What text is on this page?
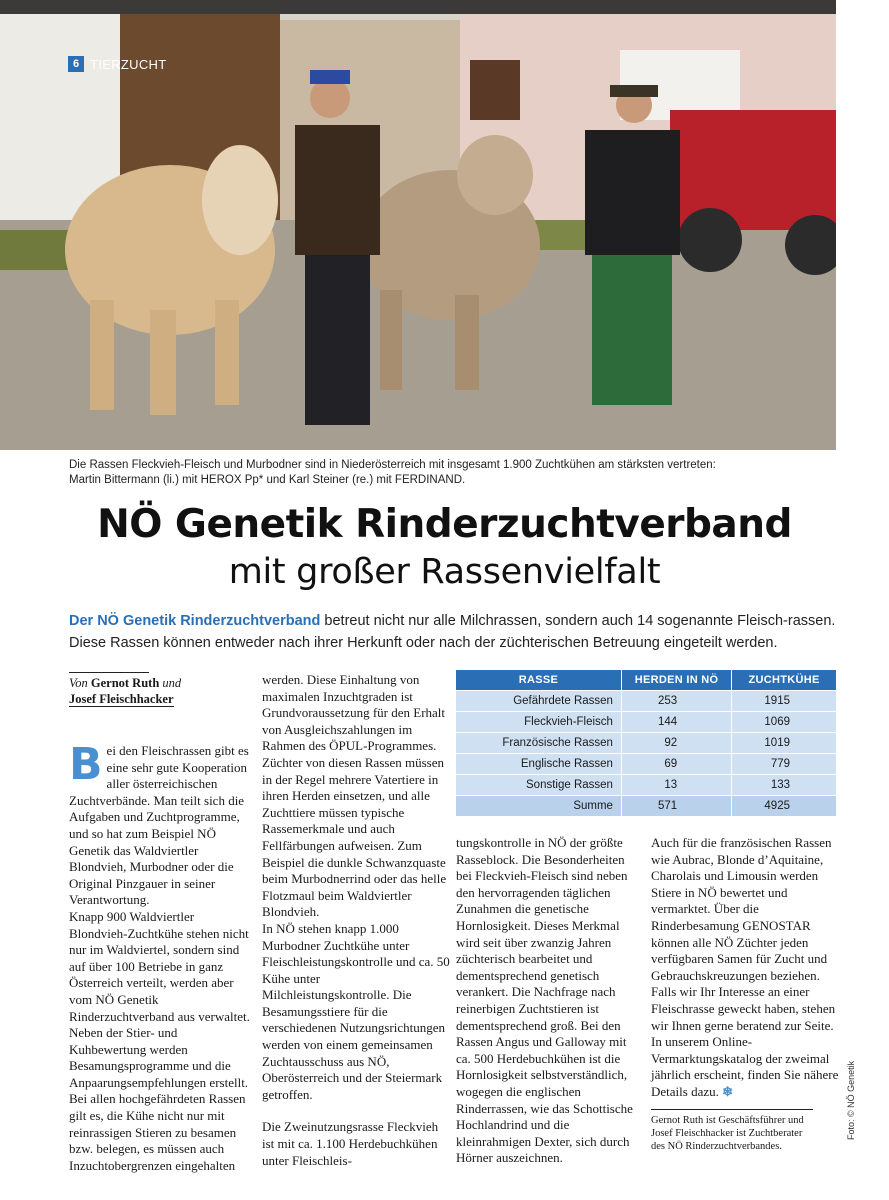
6 TIERZUCHT
Die Rassen Fleckvieh-Fleisch und Murbodner sind in Niederösterreich mit insgesamt 1.900 Zuchtkühen am stärksten vertreten:
Martin Bittermann (li.) mit HEROX Pp* und Karl Steiner (re.) mit FERDINAND.
NÖ Genetik Rinderzuchtverband
mit großer Rassenvielfalt
Der NÖ Genetik Rinderzuchtverband betreut nicht nur alle Milchrassen, sondern auch 14 sogenannte Fleisch-rassen. Diese Rassen können entweder nach ihrer Herkunft oder nach der züchterischen Betreuung eingeteilt werden.
Von Gernot Ruth und
Josef Fleischhacker
B ei den Fleischrassen gibt es eine sehr gute Kooperation aller österreichischen Zuchtverbände. Man teilt sich die Aufgaben und Zuchtprogramme, und so hat zum Beispiel NÖ Genetik das Waldviertler Blondvieh, Murbodner oder die Original Pinzgauer in seiner Verantwortung.

Knapp 900 Waldviertler Blondvieh-Zuchtkühe stehen nicht nur im Waldviertel, sondern sind auf über 100 Betriebe in ganz Österreich verteilt, werden aber vom NÖ Genetik Rinderzuchtverband aus verwaltet.

Neben der Stier- und Kuhbewertung werden Besamungsprogramme und die Anpaarungsempfehlungen erstellt. Bei allen hochgefährdeten Rassen gilt es, die Kühe nicht nur mit reinrassigen Stieren zu besamen bzw. belegen, es müssen auch Inzuchtobergrenzen eingehalten

werden. Diese Einhaltung von maximalen Inzuchtgraden ist Grundvoraussetzung für den Erhalt von Ausgleichszahlungen im Rahmen des ÖPUL-Programmes. Züchter von diesen Rassen müssen in der Regel mehrere Vatertiere in ihren Herden einsetzen, und alle Zuchttiere müssen typische Rassemerkmale und auch Fellfärbungen aufweisen. Zum Beispiel die dunkle Schwanzquaste beim Murbodnerrind oder das helle Flotzmaul beim Waldviertler Blondvieh.

In NÖ stehen knapp 1.000 Murbodner Zuchtkühe unter Fleischleistungskontrolle und ca. 50 Kühe unter Milchleistungskontrolle. Die Besamungsstiere für die verschiedenen Nutzungsrichtungen werden von einem gemeinsamen Zuchtausschuss aus NÖ, Oberösterreich und der Steiermark getroffen.

Die Zweinutzungsrasse Fleckvieh ist mit ca. 1.100 Herdebuchkühen unter Fleischleis-

RASSE	HERDEN IN NÖ	ZUCHTKÜHE
Gefährdete Rassen	253	1915
Fleckvieh-Fleisch	144	1069
Französische Rassen	92	1019
Englische Rassen	69	779
Sonstige Rassen	13	133
Summe	571	4925

tungskontrolle in NÖ der größte Rasseblock. Die Besonderheiten bei Fleckvieh-Fleisch sind neben den hervorragenden täglichen Zunahmen die genetische Hornlosigkeit. Dieses Merkmal wird seit über zwanzig Jahren züchterisch bearbeitet und dementsprechend genetisch verankert. Die Nachfrage nach reinerbigen Zuchtstieren ist dementsprechend groß. Bei den Rassen Angus und Galloway mit ca. 500 Herdebuchkühen ist die Hornlosigkeit selbstverständlich, wogegen die englischen Rinderrassen, wie das Schottische Hochlandrind und die kleinrahmigen Dexter, sich durch Hörner auszeichnen.

Auch für die französischen Rassen wie Aubrac, Blonde d’Aquitaine, Charolais und Limousin werden Stiere in NÖ bewertet und vermarktet. Über die Rinderbesamung GENOSTAR können alle NÖ Züchter jeden verfügbaren Samen für Zucht und Gebrauchskreuzungen beziehen. Falls wir Ihr Interesse an einer Fleischrasse geweckt haben, stehen wir Ihnen gerne beratend zur Seite. In unserem Online-Vermarktungskatalog der zweimal jährlich erscheint, finden Sie nähere Details dazu. ❄

Gernot Ruth ist Geschäftsführer und Josef Fleischhacker ist Zuchtberater des NÖ Rinderzuchtverbandes.
Foto: © NÖ Genetik
